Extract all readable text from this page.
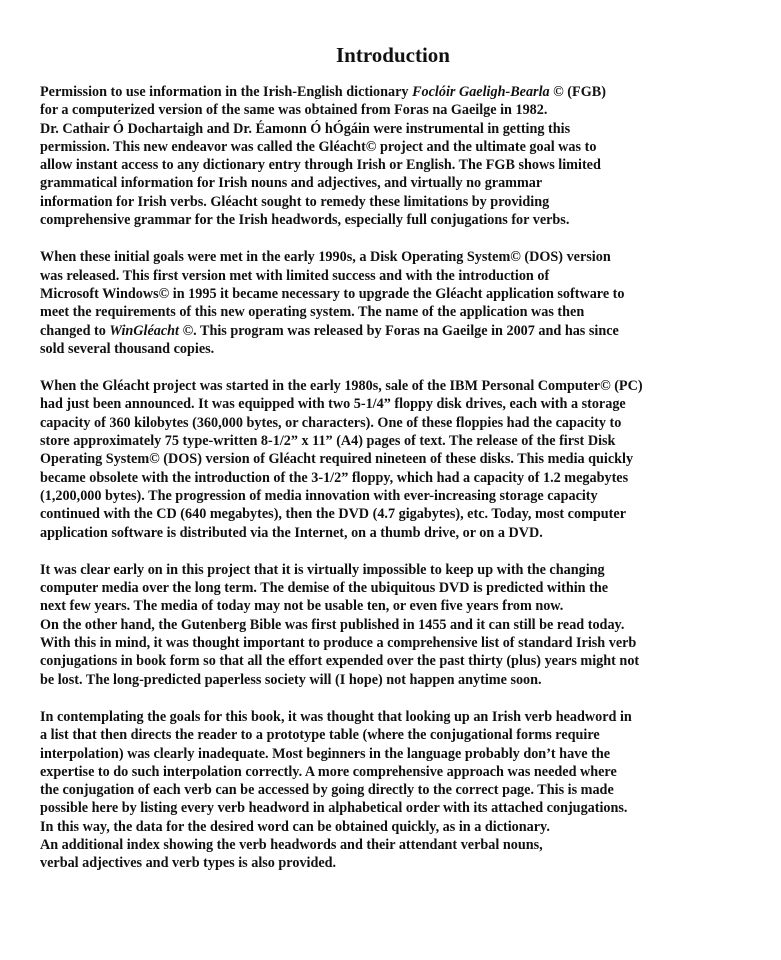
Introduction
Permission to use information in the Irish-English dictionary Foclóir Gaeligh-Bearla © (FGB)
for a computerized version of the same was obtained from Foras na Gaeilge in 1982.
Dr. Cathair Ó Dochartaigh and Dr. Éamonn Ó hÓgáin were instrumental in getting this
permission. This new endeavor was called the Gléacht© project and the ultimate goal was to
allow instant access to any dictionary entry through Irish or English. The FGB shows limited
grammatical information for Irish nouns and adjectives, and virtually no grammar
information for Irish verbs. Gléacht sought to remedy these limitations by providing
comprehensive grammar for the Irish headwords, especially full conjugations for verbs.
When these initial goals were met in the early 1990s, a Disk Operating System© (DOS) version
was released. This first version met with limited success and with the introduction of
Microsoft Windows© in 1995 it became necessary to upgrade the Gléacht application software to
meet the requirements of this new operating system. The name of the application was then
changed to WinGléacht ©. This program was released by Foras na Gaeilge in 2007 and has since
sold several thousand copies.
When the Gléacht project was started in the early 1980s, sale of the IBM Personal Computer© (PC)
had just been announced. It was equipped with two 5-1/4” floppy disk drives, each with a storage
capacity of 360 kilobytes (360,000 bytes, or characters). One of these floppies had the capacity to
store approximately 75 type-written 8-1/2” x 11” (A4) pages of text. The release of the first Disk
Operating System© (DOS) version of Gléacht required nineteen of these disks. This media quickly
became obsolete with the introduction of the 3-1/2” floppy, which had a capacity of 1.2 megabytes
(1,200,000 bytes). The progression of media innovation with ever-increasing storage capacity
continued with the CD (640 megabytes), then the DVD (4.7 gigabytes), etc. Today, most computer
application software is distributed via the Internet, on a thumb drive, or on a DVD.
It was clear early on in this project that it is virtually impossible to keep up with the changing
computer media over the long term. The demise of the ubiquitous DVD is predicted within the
next few years. The media of today may not be usable ten, or even five years from now.
On the other hand, the Gutenberg Bible was first published in 1455 and it can still be read today.
With this in mind, it was thought important to produce a comprehensive list of standard Irish verb
conjugations in book form so that all the effort expended over the past thirty (plus) years might not
be lost. The long-predicted paperless society will (I hope) not happen anytime soon.
In contemplating the goals for this book, it was thought that looking up an Irish verb headword in
a list that then directs the reader to a prototype table (where the conjugational forms require
interpolation) was clearly inadequate. Most beginners in the language probably don’t have the
expertise to do such interpolation correctly. A more comprehensive approach was needed where
the conjugation of each verb can be accessed by going directly to the correct page. This is made
possible here by listing every verb headword in alphabetical order with its attached conjugations.
In this way, the data for the desired word can be obtained quickly, as in a dictionary.
An additional index showing the verb headwords and their attendant verbal nouns,
verbal adjectives and verb types is also provided.
